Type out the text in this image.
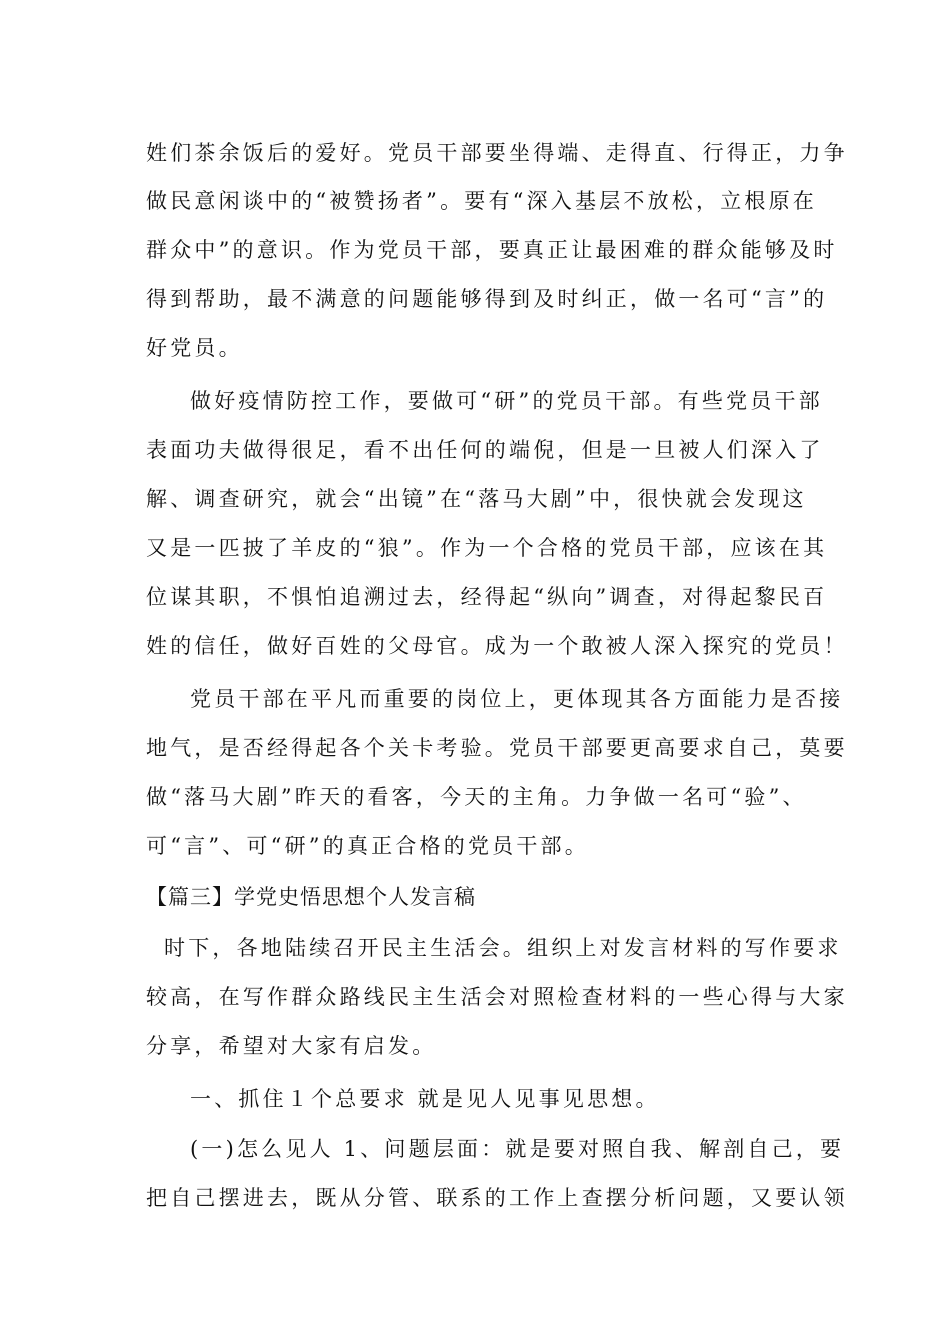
姓们茶余饭后的爱好。党员干部要坐得端、走得直、行得正，力争
做民意闲谈中的“被赞扬者”。要有“深入基层不放松，立根原在
群众中”的意识。作为党员干部，要真正让最困难的群众能够及时
得到帮助，最不满意的问题能够得到及时纠正，做一名可“言”的
好党员。
做好疫情防控工作，要做可“研”的党员干部。有些党员干部
表面功夫做得很足，看不出任何的端倪，但是一旦被人们深入了
解、调查研究，就会“出镜”在“落马大剧”中，很快就会发现这
又是一匹披了羊皮的“狼”。作为一个合格的党员干部，应该在其
位谋其职，不惧怕追溯过去，经得起“纵向”调查，对得起黎民百
姓的信任，做好百姓的父母官。成为一个敢被人深入探究的党员！
党员干部在平凡而重要的岗位上，更体现其各方面能力是否接
地气，是否经得起各个关卡考验。党员干部要更高要求自己，莫要
做“落马大剧”昨天的看客，今天的主角。力争做一名可“验”、
可“言”、可“研”的真正合格的党员干部。
【篇三】学党史悟思想个人发言稿
时下，各地陆续召开民主生活会。组织上对发言材料的写作要求
较高，在写作群众路线民主生活会对照检查材料的一些心得与大家
分享，希望对大家有启发。
一、抓住１个总要求 就是见人见事见思想。
(一)怎么见人 1、问题层面：就是要对照自我、解剖自己，要
把自己摆进去，既从分管、联系的工作上查摆分析问题，又要认领
